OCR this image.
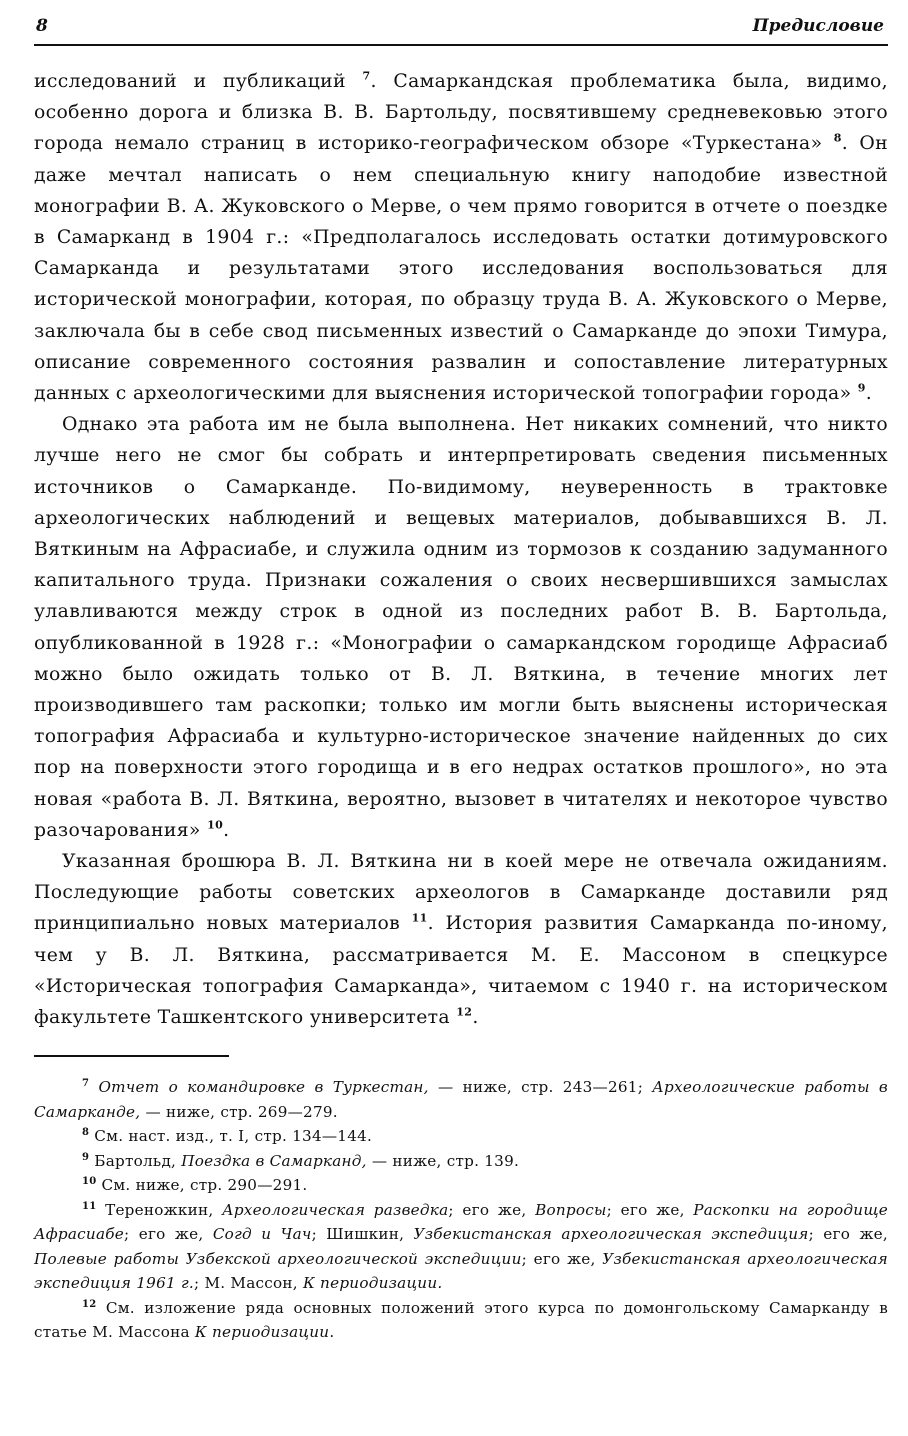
8	Предисловие

исследований и публикаций $^7$. Самаркандская проблематика была, видимо, особенно дорога и близка В. В. Бартольду, посвятившему средневековью этого города немало страниц в историко-географическом обзоре «Туркестана» $^8$. Он даже мечтал написать о нем специальную книгу наподобие известной монографии В. А. Жуковского о Мерве, о чем прямо говорится в отчете о поездке в Самарканд в 1904 г.: «Предполагалось исследовать остатки дотимуровского Самарканда и результатами этого исследования воспользоваться для исторической монографии, которая, по образцу труда В. А. Жуковского о Мерве, заключала бы в себе свод письменных известий о Самарканде до эпохи Тимура, описание современного состояния развалин и сопоставление литературных данных с археологическими для выяснения исторической топографии города» $^9$.

Однако эта работа им не была выполнена. Нет никаких сомнений, что никто лучше него не смог бы собрать и интерпретировать сведения письменных источников о Самарканде. По-видимому, неуверенность в трактовке археологических наблюдений и вещевых материалов, добывавшихся В. Л. Вяткиным на Афрасиабе, и служила одним из тормозов к созданию задуманного капитального труда. Признаки сожаления о своих несвершившихся замыслах улавливаются между строк в одной из последних работ В. В. Бартольда, опубликованной в 1928 г.: «Монографии о самаркандском городище Афрасиаб можно было ожидать только от В. Л. Вяткина, в течение многих лет производившего там раскопки; только им могли быть выяснены историческая топография Афрасиаба и культурно-историческое значение найденных до сих пор на поверхности этого городища и в его недрах остатков прошлого», но эта новая «работа В. Л. Вяткина, вероятно, вызовет в читателях и некоторое чувство разочарования» $^{10}$.

Указанная брошюра В. Л. Вяткина ни в коей мере не отвечала ожиданиям. Последующие работы советских археологов в Самарканде доставили ряд принципиально новых материалов $^{11}$. История развития Самарканда по-иному, чем у В. Л. Вяткина, рассматривается М. Е. Массоном в спецкурсе «Историческая топография Самарканда», читаемом с 1940 г. на историческом факультете Ташкентского университета $^{12}$.

$^7$ Отчет о командировке в Туркестан, — ниже, стр. 243—261; Археологические работы в Самарканде, — ниже, стр. 269—279.

$^8$ См. наст. изд., т. I, стр. 134—144.

$^9$ Бартольд, Поездка в Самарканд, — ниже, стр. 139.

$^{10}$ См. ниже, стр. 290—291.

$^{11}$ Тереножкин, Археологическая разведка; его же, Вопросы; его же, Раскопки на городище Афрасиабе; его же, Согд и Чач; Шишкин, Узбекистанская археологическая экспедиция; его же, Полевые работы Узбекской археологической экспедиции; его же, Узбекистанская археологическая экспедиция 1961 г.; М. Массон, К периодизации.

$^{12}$ См. изложение ряда основных положений этого курса по домонгольскому Самарканду в статье М. Массона К периодизации.
